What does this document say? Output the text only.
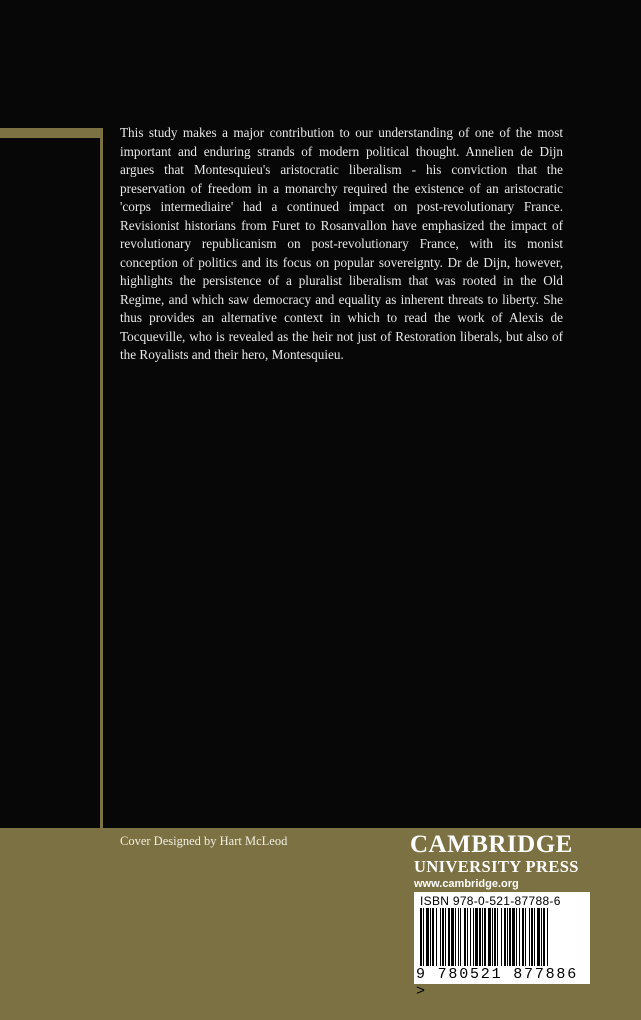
This study makes a major contribution to our understanding of one of the most important and enduring strands of modern political thought. Annelien de Dijn argues that Montesquieu's aristocratic liberalism - his conviction that the preservation of freedom in a monarchy required the existence of an aristocratic 'corps intermediaire' had a continued impact on post-revolutionary France. Revisionist historians from Furet to Rosanvallon have emphasized the impact of revolutionary republicanism on post-revolutionary France, with its monist conception of politics and its focus on popular sovereignty. Dr de Dijn, however, highlights the persistence of a pluralist liberalism that was rooted in the Old Regime, and which saw democracy and equality as inherent threats to liberty. She thus provides an alternative context in which to read the work of Alexis de Tocqueville, who is revealed as the heir not just of Restoration liberals, but also of the Royalists and their hero, Montesquieu.

Cover Designed by Hart McLeod	CAMBRIDGE
UNIVERSITY PRESS
www.cambridge.org
ISBN 978-0-521-87788-6
9 780521 877886 >
